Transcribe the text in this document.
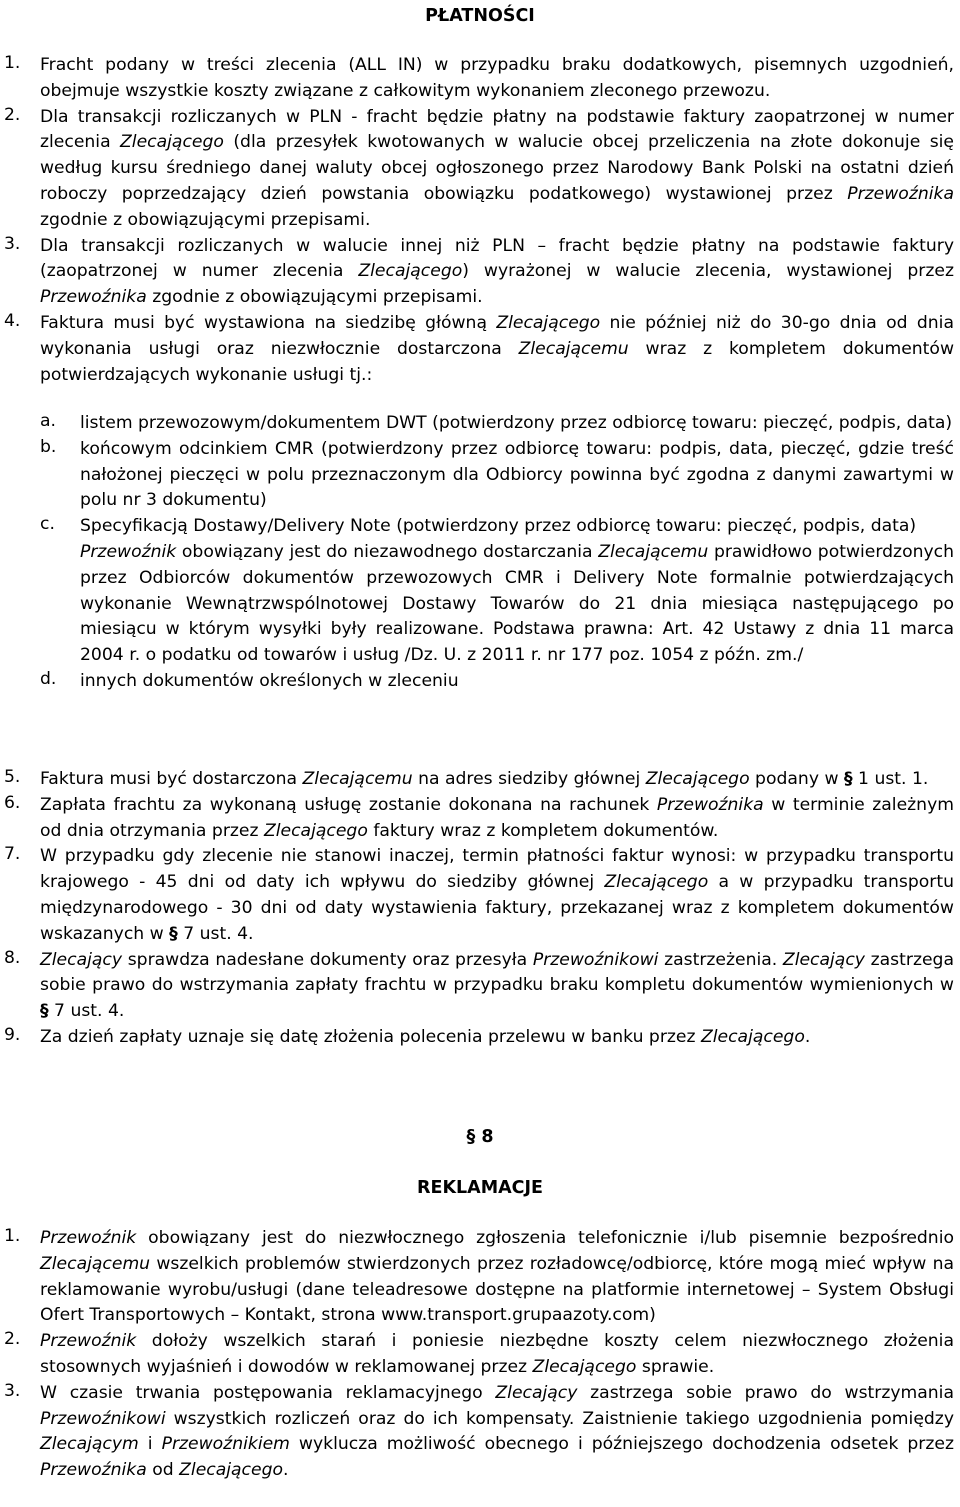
PŁATNOŚCI
1. Fracht podany w treści zlecenia (ALL IN) w przypadku braku dodatkowych, pisemnych uzgodnień, obejmuje wszystkie koszty związane z całkowitym wykonaniem zleconego przewozu.
2. Dla transakcji rozliczanych w PLN - fracht będzie płatny na podstawie faktury zaopatrzonej w numer zlecenia Zlecającego (dla przesyłek kwotowanych w walucie obcej przeliczenia na złote dokonuje się według kursu średniego danej waluty obcej ogłoszonego przez Narodowy Bank Polski na ostatni dzień roboczy poprzedzający dzień powstania obowiązku podatkowego) wystawionej przez Przewoźnika zgodnie z obowiązującymi przepisami.
3. Dla transakcji rozliczanych w walucie innej niż PLN – fracht będzie płatny na podstawie faktury (zaopatrzonej w numer zlecenia Zlecającego) wyrażonej w walucie zlecenia, wystawionej przez Przewoźnika zgodnie z obowiązującymi przepisami.
4. Faktura musi być wystawiona na siedzibę główną Zlecającego nie później niż do 30-go dnia od dnia wykonania usługi oraz niezwłocznie dostarczona Zlecającemu wraz z kompletem dokumentów potwierdzających wykonanie usługi tj.:
a. listem przewozowym/dokumentem DWT (potwierdzony przez odbiorcę towaru: pieczęć, podpis, data)
b. końcowym odcinkiem CMR (potwierdzony przez odbiorcę towaru: podpis, data, pieczęć, gdzie treść nałożonej pieczęci w polu przeznaczonym dla Odbiorcy powinna być zgodna z danymi zawartymi w polu nr 3 dokumentu)
c. Specyfikacją Dostawy/Delivery Note (potwierdzony przez odbiorcę towaru: pieczęć, podpis, data)
Przewoźnik obowiązany jest do niezawodnego dostarczania Zlecającemu prawidłowo potwierdzonych przez Odbiorców dokumentów przewozowych CMR i Delivery Note formalnie potwierdzających wykonanie Wewnątrzwspólnotowej Dostawy Towarów do 21 dnia miesiąca następującego po miesiącu w którym wysyłki były realizowane. Podstawa prawna: Art. 42 Ustawy z dnia 11 marca 2004 r. o podatku od towarów i usług /Dz. U. z 2011 r. nr 177 poz. 1054 z późn. zm./
d. innych dokumentów określonych w zleceniu
5. Faktura musi być dostarczona Zlecającemu na adres siedziby głównej Zlecającego podany w § 1 ust. 1.
6. Zapłata frachtu za wykonaną usługę zostanie dokonana na rachunek Przewoźnika w terminie zależnym od dnia otrzymania przez Zlecającego faktury wraz z kompletem dokumentów.
7. W przypadku gdy zlecenie nie stanowi inaczej, termin płatności faktur wynosi: w przypadku transportu krajowego - 45 dni od daty ich wpływu do siedziby głównej Zlecającego a w przypadku transportu międzynarodowego - 30 dni od daty wystawienia faktury, przekazanej wraz z kompletem dokumentów wskazanych w § 7 ust. 4.
8. Zlecający sprawdza nadesłane dokumenty oraz przesyła Przewoźnikowi zastrzeżenia. Zlecający zastrzega sobie prawo do wstrzymania zapłaty frachtu w przypadku braku kompletu dokumentów wymienionych w § 7 ust. 4.
9. Za dzień zapłaty uznaje się datę złożenia polecenia przelewu w banku przez Zlecającego.
§ 8
REKLAMACJE
1. Przewoźnik obowiązany jest do niezwłocznego zgłoszenia telefonicznie i/lub pisemnie bezpośrednio Zlecającemu wszelkich problemów stwierdzonych przez rozładowcę/odbiorcę, które mogą mieć wpływ na reklamowanie wyrobu/usługi (dane teleadresowe dostępne na platformie internetowej – System Obsługi Ofert Transportowych – Kontakt, strona www.transport.grupaazoty.com)
2. Przewoźnik dołoży wszelkich starań i poniesie niezbędne koszty celem niezwłocznego złożenia stosownych wyjaśnień i dowodów w reklamowanej przez Zlecającego sprawie.
3. W czasie trwania postępowania reklamacyjnego Zlecający zastrzega sobie prawo do wstrzymania Przewoźnikowi wszystkich rozliczeń oraz do ich kompensaty. Zaistnienie takiego uzgodnienia pomiędzy Zlecającym i Przewoźnikiem wyklucza możliwość obecnego i późniejszego dochodzenia odsetek przez Przewoźnika od Zlecającego.
